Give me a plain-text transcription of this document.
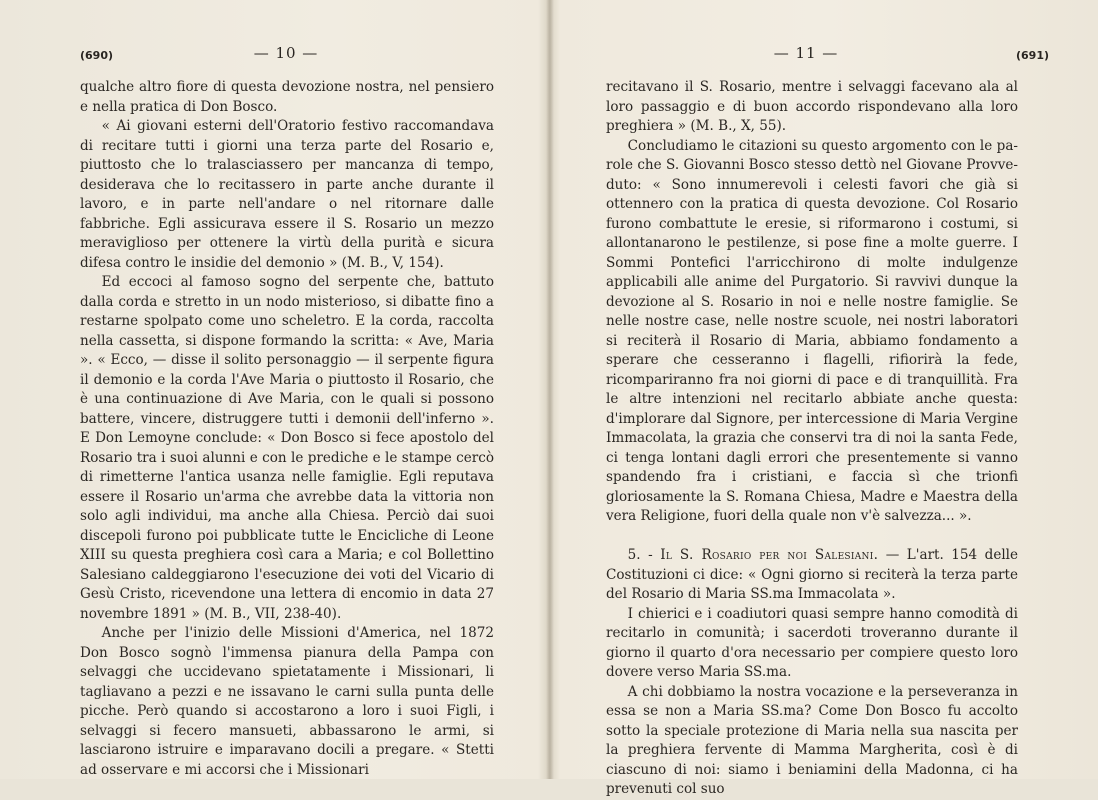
(690)	— 10 —

qualche altro fiore di questa devozione nostra, nel pensiero e nella pratica di Don Bosco.

« Ai giovani esterni dell'Oratorio festivo raccomandava di recitare tutti i giorni una terza parte del Rosario e, piuttosto che lo tralasciassero per mancanza di tempo, desiderava che lo recitassero in parte anche durante il lavoro, e in parte nell'andare o nel ritornare dalle fabbriche. Egli assicurava essere il S. Rosario un mezzo meraviglioso per ottenere la virtù della purità e sicura difesa contro le insidie del demonio » (M. B., V, 154).

Ed eccoci al famoso sogno del serpente che, battuto dalla corda e stretto in un nodo misterioso, si dibatte fino a restarne spolpato come uno scheletro. E la corda, raccolta nella cassetta, si dispone formando la scritta: « Ave, Maria ». « Ecco, — disse il solito personaggio — il serpente figura il demonio e la corda l'Ave Maria o piuttosto il Rosario, che è una continuazione di Ave Maria, con le quali si possono battere, vincere, distruggere tutti i demonii dell'inferno ». E Don Lemoyne conclude: « Don Bosco si fece apostolo del Rosario tra i suoi alunni e con le prediche e le stampe cercò di rimetterne l'antica usanza nelle famiglie. Egli reputava essere il Rosario un'arma che avrebbe data la vittoria non solo agli individui, ma anche alla Chiesa. Perciò dai suoi discepoli furono poi pubblicate tutte le Encicliche di Leone XIII su questa preghiera così cara a Maria; e col Bollettino Salesiano caldeggiarono l'esecuzione dei voti del Vicario di Gesù Cristo, ricevendone una lettera di encomio in data 27 novembre 1891 » (M. B., VII, 238-40).

Anche per l'inizio delle Missioni d'America, nel 1872 Don Bosco sognò l'immensa pianura della Pampa con selvaggi che uccidevano spietatamente i Missionari, li tagliavano a pezzi e ne issavano le carni sulla punta delle picche. Però quando si accostarono a loro i suoi Figli, i selvaggi si fecero mansueti, abbassarono le armi, si lasciarono istruire e imparavano docili a pregare. « Stetti ad osservare e mi accorsi che i Missionari

— 11 —	(691)

recitavano il S. Rosario, mentre i selvaggi facevano ala al loro passaggio e di buon accordo rispondevano alla loro preghiera » (M. B., X, 55).

Concludiamo le citazioni su questo argomento con le parole che S. Giovanni Bosco stesso dettò nel Giovane Provveduto: « Sono innumerevoli i celesti favori che già si ottennero con la pratica di questa devozione. Col Rosario furono combattute le eresie, si riformarono i costumi, si allontanarono le pestilenze, si pose fine a molte guerre. I Sommi Pontefici l'arricchirono di molte indulgenze applicabili alle anime del Purgatorio. Si ravvivi dunque la devozione al S. Rosario in noi e nelle nostre famiglie. Se nelle nostre case, nelle nostre scuole, nei nostri laboratori si reciterà il Rosario di Maria, abbiamo fondamento a sperare che cesseranno i flagelli, rifiorirà la fede, ricompariranno fra noi giorni di pace e di tranquillità. Fra le altre intenzioni nel recitarlo abbiate anche questa: d'implorare dal Signore, per intercessione di Maria Vergine Immacolata, la grazia che conservi tra di noi la santa Fede, ci tenga lontani dagli errori che presentemente si vanno spandendo fra i cristiani, e faccia sì che trionfi gloriosamente la S. Romana Chiesa, Madre e Maestra della vera Religione, fuori della quale non v'è salvezza... ».

5. - Il S. Rosario per noi Salesiani. — L'art. 154 delle Costituzioni ci dice: « Ogni giorno si reciterà la terza parte del Rosario di Maria SS.ma Immacolata ».

I chierici e i coadiutori quasi sempre hanno comodità di recitarlo in comunità; i sacerdoti troveranno durante il giorno il quarto d'ora necessario per compiere questo loro dovere verso Maria SS.ma.

A chi dobbiamo la nostra vocazione e la perseveranza in essa se non a Maria SS.ma? Come Don Bosco fu accolto sotto la speciale protezione di Maria nella sua nascita per la preghiera fervente di Mamma Margherita, così è di ciascuno di noi: siamo i beniamini della Madonna, ci ha prevenuti col suo
